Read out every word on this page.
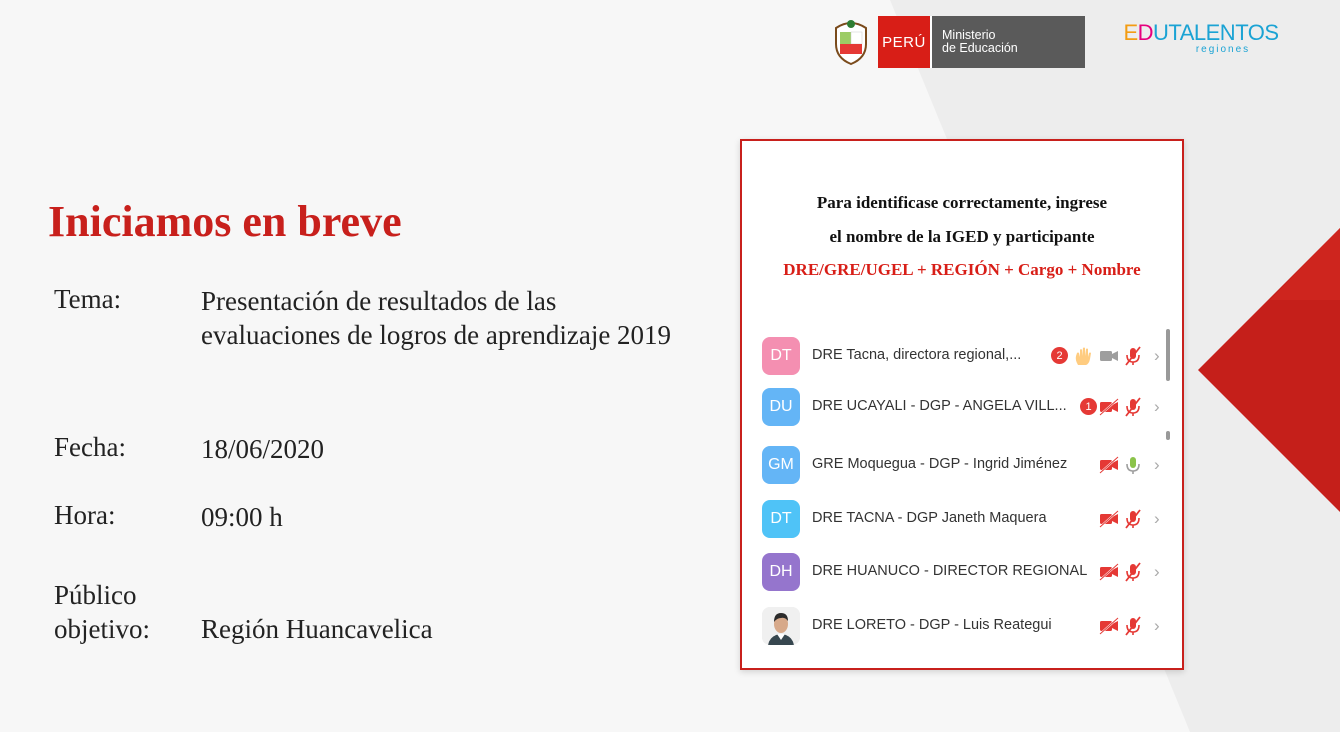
PERÚ	Ministerio
de Educación
EDUTALENTOS
regiones
Iniciamos en breve
Tema:	Presentación de resultados de las evaluaciones de logros de aprendizaje 2019
Fecha:	18/06/2020
Hora:	09:00 h
Público
objetivo:	Región Huancavelica
Para identificase correctamente, ingrese
el nombre de la IGED y participante
DRE/GRE/UGEL + REGIÓN + Cargo + Nombre
DT	DRE Tacna, directora regional,...	2	›
DU	DRE UCAYALI - DGP - ANGELA VILL...	1	›
GM	GRE Moquegua - DGP - Ingrid Jiménez	›
DT	DRE TACNA - DGP Janeth Maquera	›
DH	DRE HUANUCO - DIRECTOR REGIONAL	›
DRE LORETO - DGP - Luis Reategui	›
